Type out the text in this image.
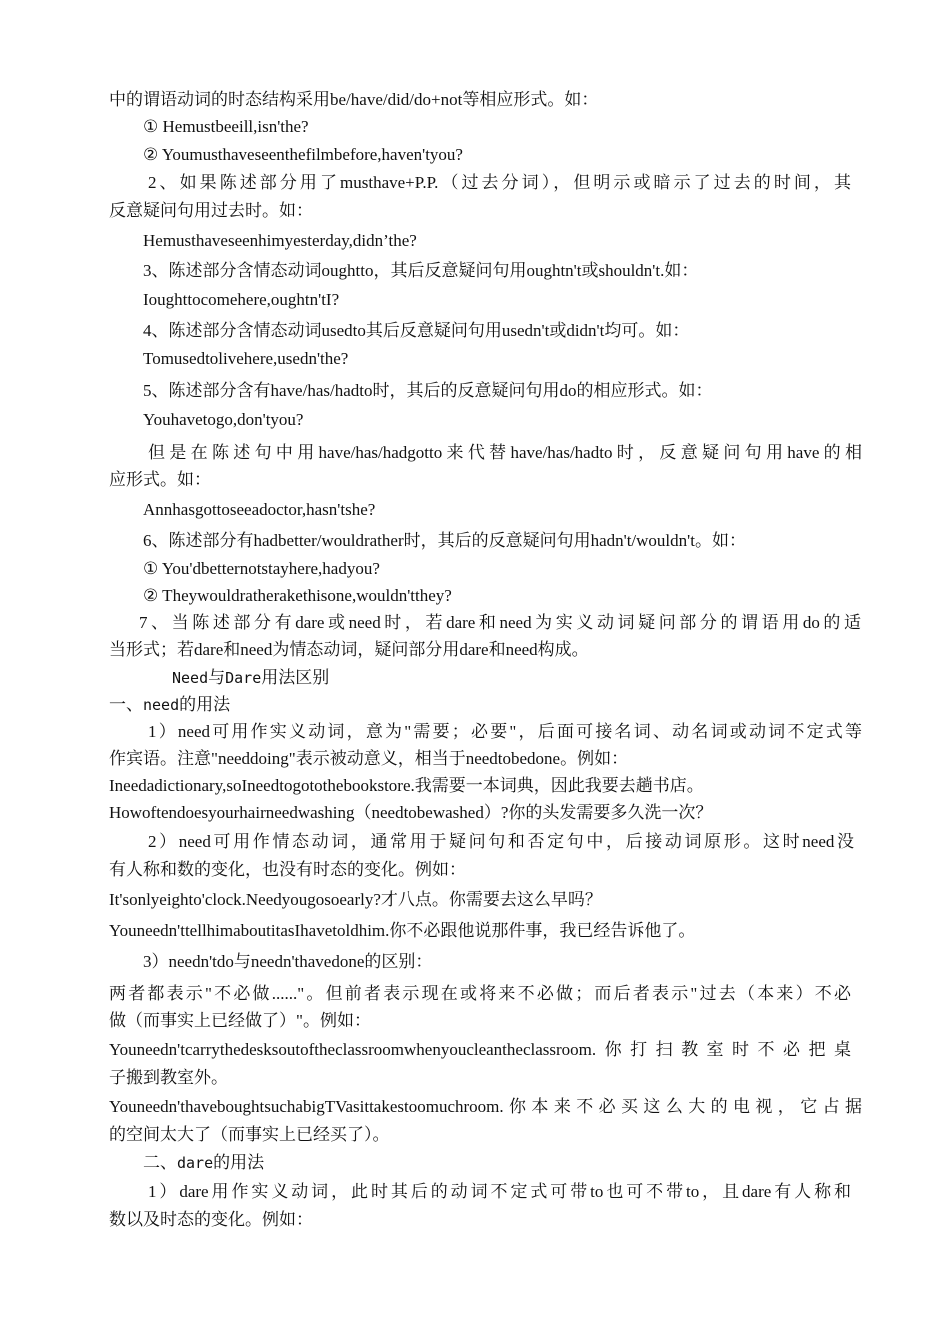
中的谓语动词的时态结构采用be/have/did/do+not等相应形式。如：
① Hemustbeeill,isn'the?
② Youmusthaveseenthefilmbefore,haven'tyou?
2、如果陈述部分用了musthave+P.P.（过去分词），但明示或暗示了过去的时间，其
反意疑问句用过去时。如：
Hemusthaveseenhimyesterday,didn’the?
3、陈述部分含情态动词oughtto，其后反意疑问句用oughtn't或shouldn't.如：
Ioughttocomehere,oughtn'tI?
4、陈述部分含情态动词usedto其后反意疑问句用usedn't或didn't均可。如：
Tomusedtolivehere,usedn'the?
5、陈述部分含有have/has/hadto时，其后的反意疑问句用do的相应形式。如：
Youhavetogo,don'tyou?
但是在陈述句中用have/has/hadgotto来代替have/has/hadto时，反意疑问句用have的相
应形式。如：
Annhasgottoseeadoctor,hasn'tshe?
6、陈述部分有hadbetter/wouldrather时，其后的反意疑问句用hadn't/wouldn't。如：
① You'dbetternotstayhere,hadyou?
② Theywouldratherakethisone,wouldn'tthey?
7、当陈述部分有dare或need时，若dare和need为实义动词疑问部分的谓语用do的适
当形式；若dare和need为情态动词，疑问部分用dare和need构成。
Need与Dare用法区别
一、need的用法
1）need可用作实义动词，意为"需要；必要"，后面可接名词、动名词或动词不定式等
作宾语。注意"needdoing"表示被动意义，相当于needtobedone。例如：
Ineedadictionary,soIneedtogotothebookstore.我需要一本词典，因此我要去趟书店。
Howoftendoesyourhairneedwashing（needtobewashed）?你的头发需要多久洗一次？
2）need可用作情态动词，通常用于疑问句和否定句中，后接动词原形。这时need没
有人称和数的变化，也没有时态的变化。例如：
It'sonlyeighto'clock.Needyougosoearly?才八点。你需要去这么早吗？
Youneedn'ttellhimaboutitasIhavetoldhim.你不必跟他说那件事，我已经告诉他了。
3）needn'tdo与needn'thavedone的区别：
两者都表示"不必做......"。但前者表示现在或将来不必做；而后者表示"过去（本来）不必
做（而事实上已经做了）"。例如：
Youneedn'tcarrythedesksoutoftheclassroomwhenyoucleantheclassroom.你打扫教室时不必把桌
子搬到教室外。
Youneedn'thaveboughtsuchabigTVasittakestoomuchroom.你本来不必买这么大的电视，它占据
的空间太大了（而事实上已经买了）。
二、dare的用法
1）dare用作实义动词，此时其后的动词不定式可带to也可不带to，且dare有人称和
数以及时态的变化。例如：
